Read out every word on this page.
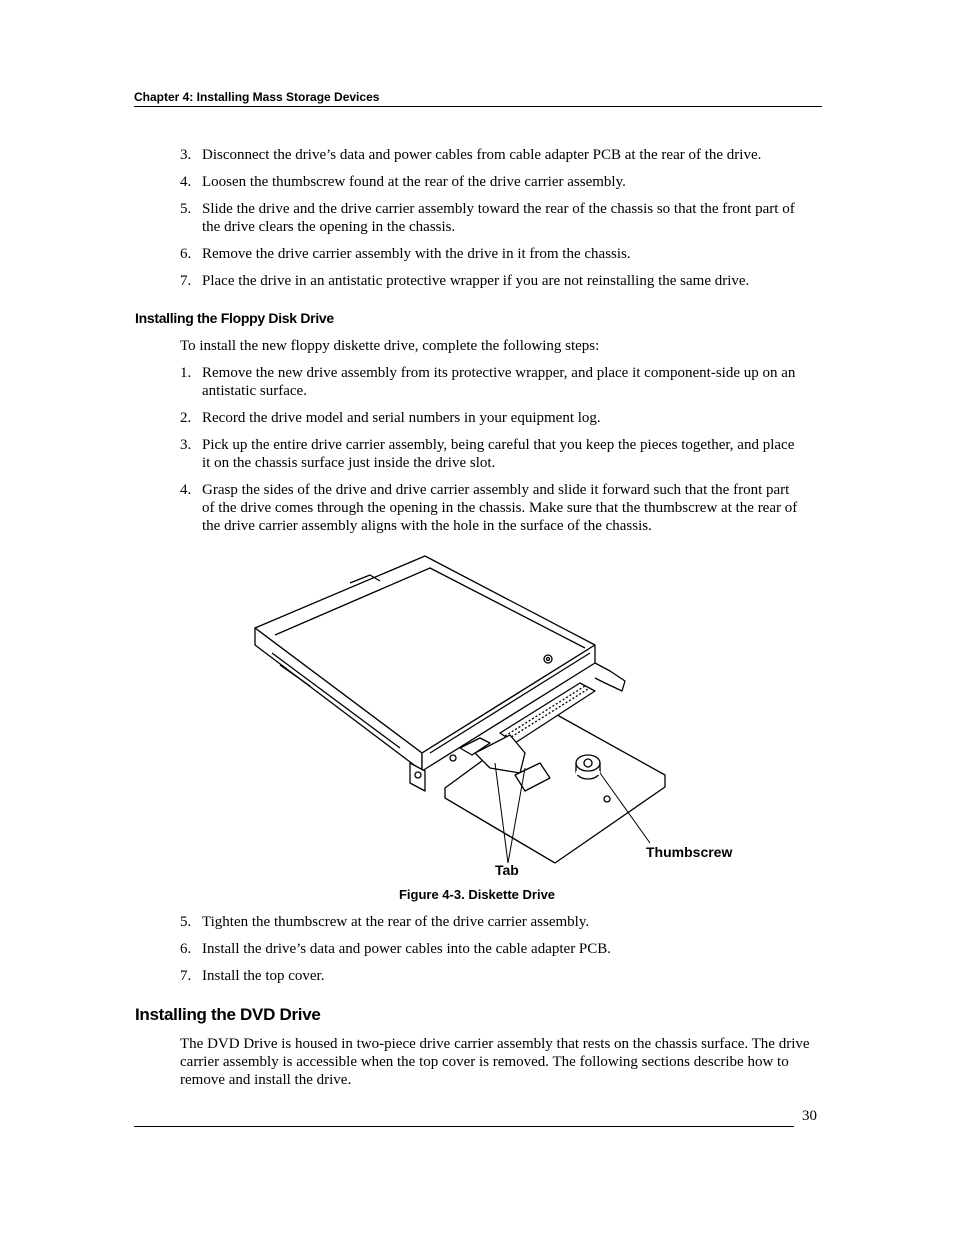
Chapter 4: Installing Mass Storage Devices
3. Disconnect the drive’s data and power cables from cable adapter PCB at the rear of the drive.
4. Loosen the thumbscrew found at the rear of the drive carrier assembly.
5. Slide the drive and the drive carrier assembly toward the rear of the chassis so that the front part of the drive clears the opening in the chassis.
6. Remove the drive carrier assembly with the drive in it from the chassis.
7. Place the drive in an antistatic protective wrapper if you are not reinstalling the same drive.
Installing the Floppy Disk Drive

To install the new floppy diskette drive, complete the following steps:

1. Remove the new drive assembly from its protective wrapper, and place it component-side up on an antistatic surface.
2. Record the drive model and serial numbers in your equipment log.
3. Pick up the entire drive carrier assembly, being careful that you keep the pieces together, and place it on the chassis surface just inside the drive slot.
4. Grasp the sides of the drive and drive carrier assembly and slide it forward such that the front part of the drive comes through the opening in the chassis. Make sure that the thumbscrew at the rear of the drive carrier assembly aligns with the hole in the surface of the chassis.
Thumbscrew
Tab
Figure 4-3. Diskette Drive
5. Tighten the thumbscrew at the rear of the drive carrier assembly.
6. Install the drive’s data and power cables into the cable adapter PCB.
7. Install the top cover.
Installing the DVD Drive

The DVD Drive is housed in two-piece drive carrier assembly that rests on the chassis surface. The drive carrier assembly is accessible when the top cover is removed. The following sections describe how to remove and install the drive.

30
